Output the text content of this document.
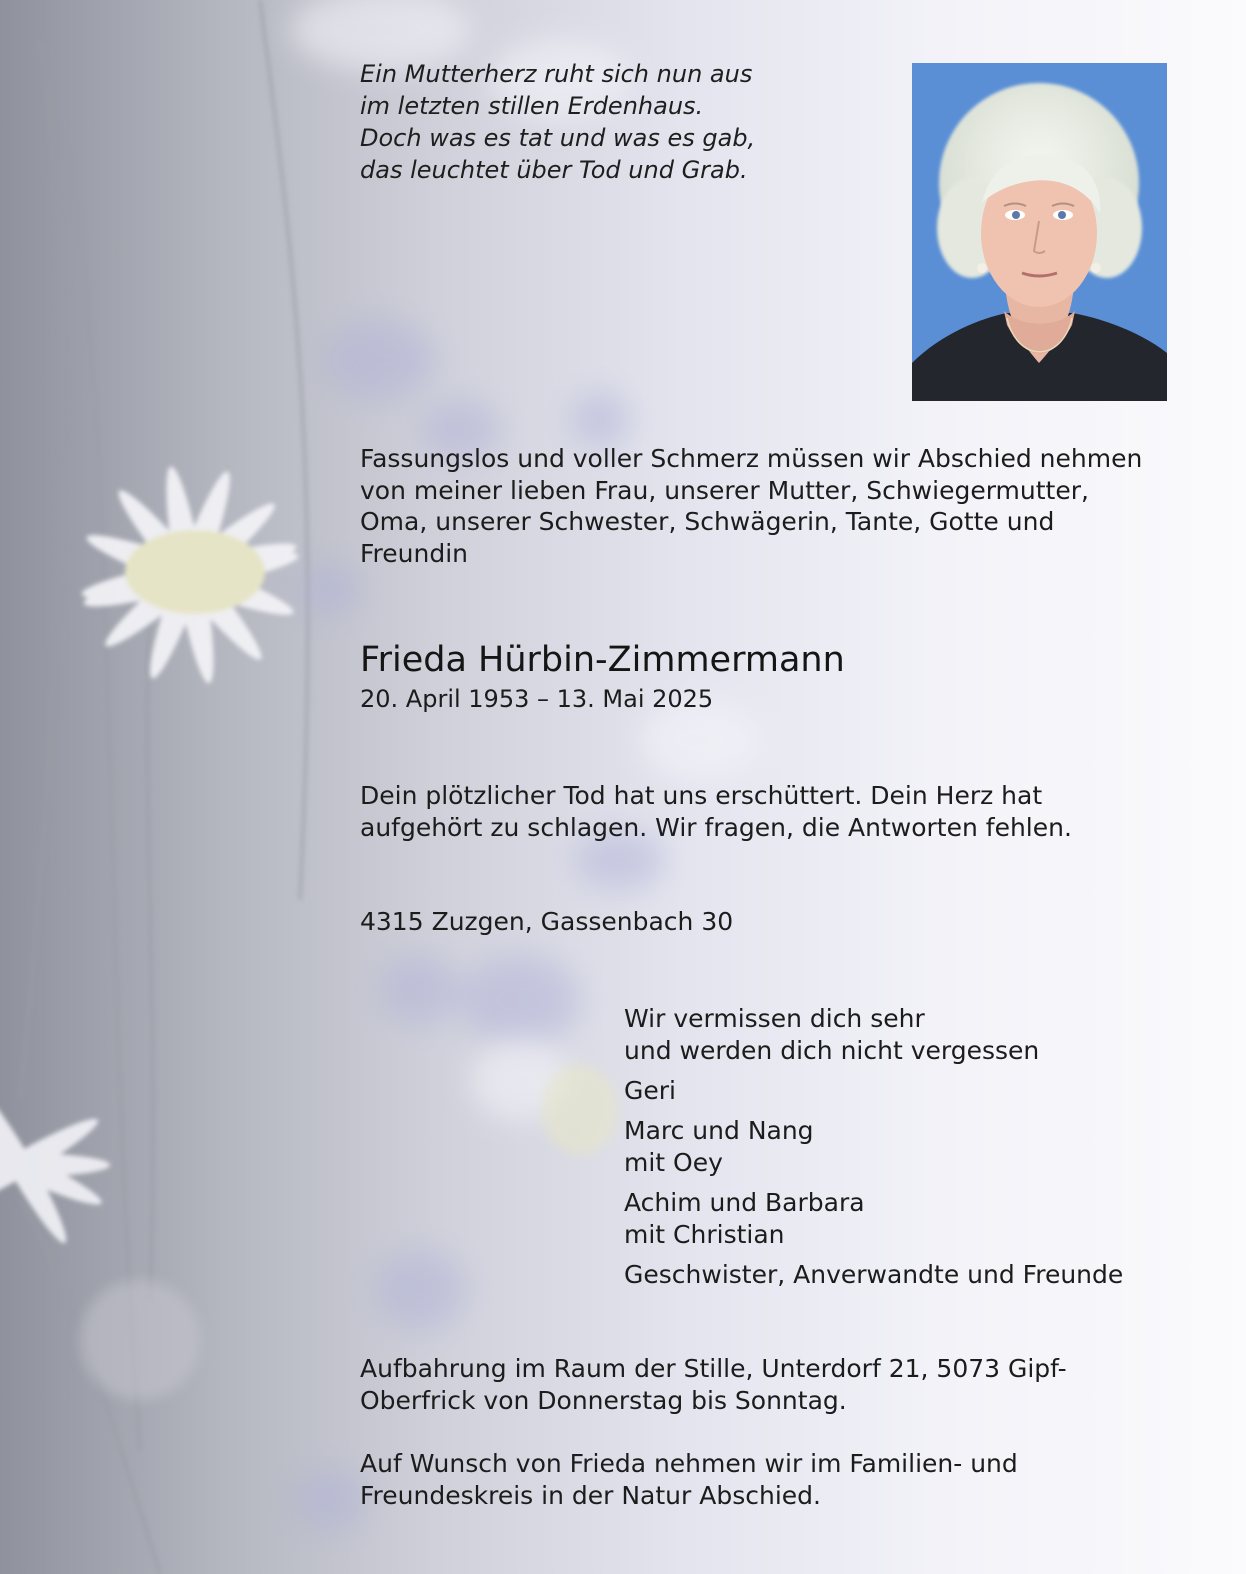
Ein Mutterherz ruht sich nun aus
im letzten stillen Erdenhaus.
Doch was es tat und was es gab,
das leuchtet über Tod und Grab.
Fassungslos und voller Schmerz müssen wir Abschied nehmen
von meiner lieben Frau, unserer Mutter, Schwiegermutter,
Oma, unserer Schwester, Schwägerin, Tante, Gotte und
Freundin
Frieda Hürbin-Zimmermann
20. April 1953 – 13. Mai 2025
Dein plötzlicher Tod hat uns erschüttert. Dein Herz hat
aufgehört zu schlagen. Wir fragen, die Antworten fehlen.
4315 Zuzgen, Gassenbach 30
Wir vermissen dich sehr
und werden dich nicht vergessen
Geri
Marc und Nang
mit Oey
Achim und Barbara
mit Christian
Geschwister, Anverwandte und Freunde
Aufbahrung im Raum der Stille, Unterdorf 21, 5073 Gipf-
Oberfrick von Donnerstag bis Sonntag.
Auf Wunsch von Frieda nehmen wir im Familien- und
Freundeskreis in der Natur Abschied.
